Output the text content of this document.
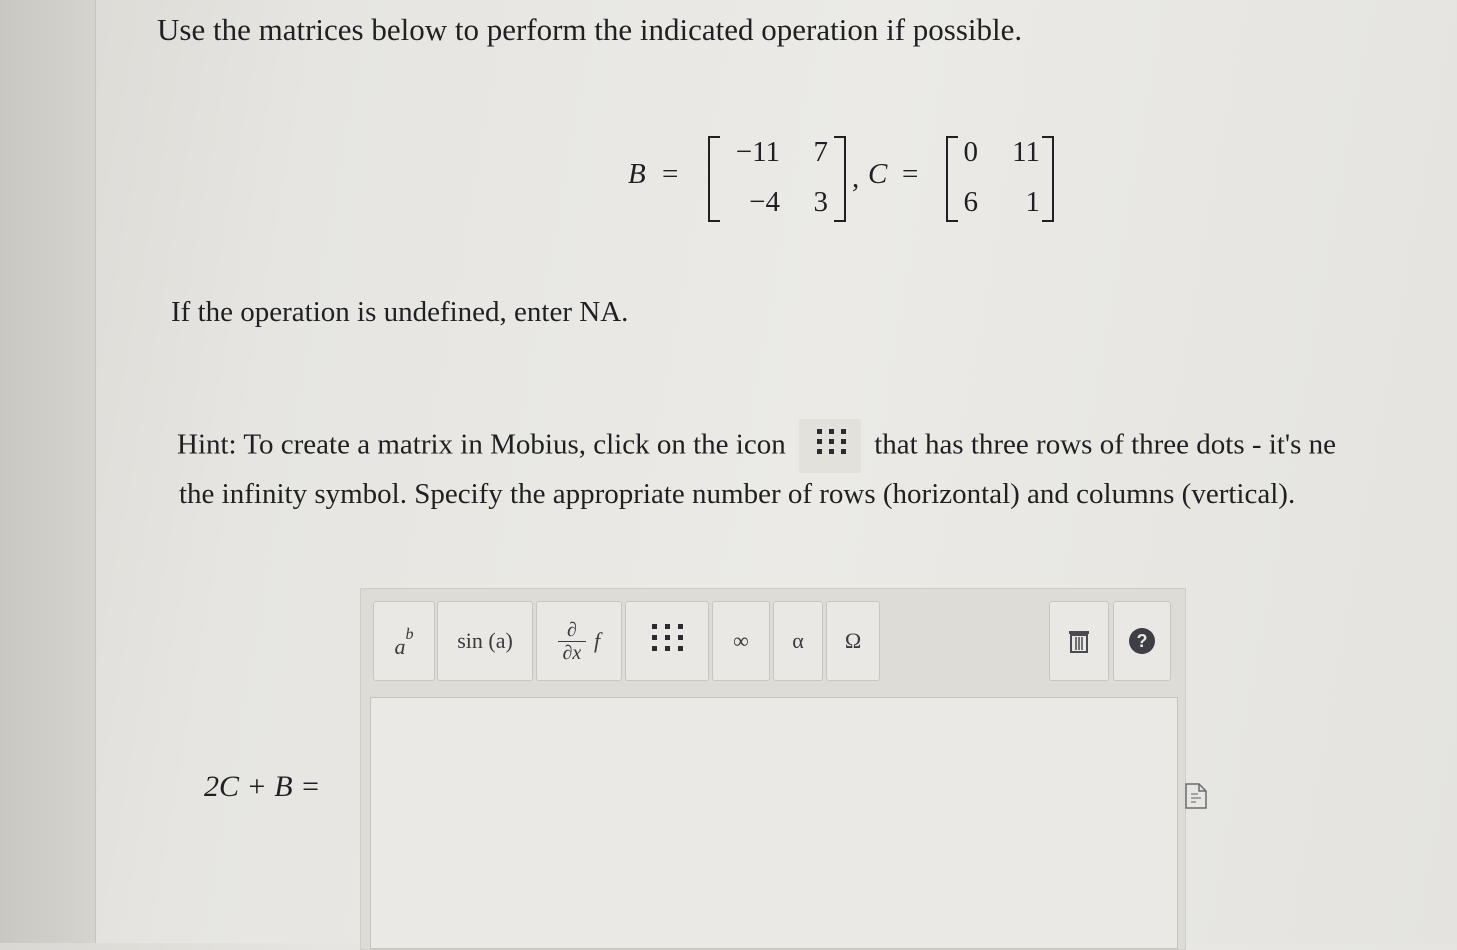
Use the matrices below to perform the indicated operation if possible.
B =
−11	7
−4	3
, C =
0	11
6	1
If the operation is undefined, enter NA.
Hint: To create a matrix in Mobius, click on the icon	that has three rows of three dots - it's ne
the infinity symbol. Specify the appropriate number of rows (horizontal) and columns (vertical).
a b sin (a)	∂
∂x f	∞ α Ω	?
2C + B =
